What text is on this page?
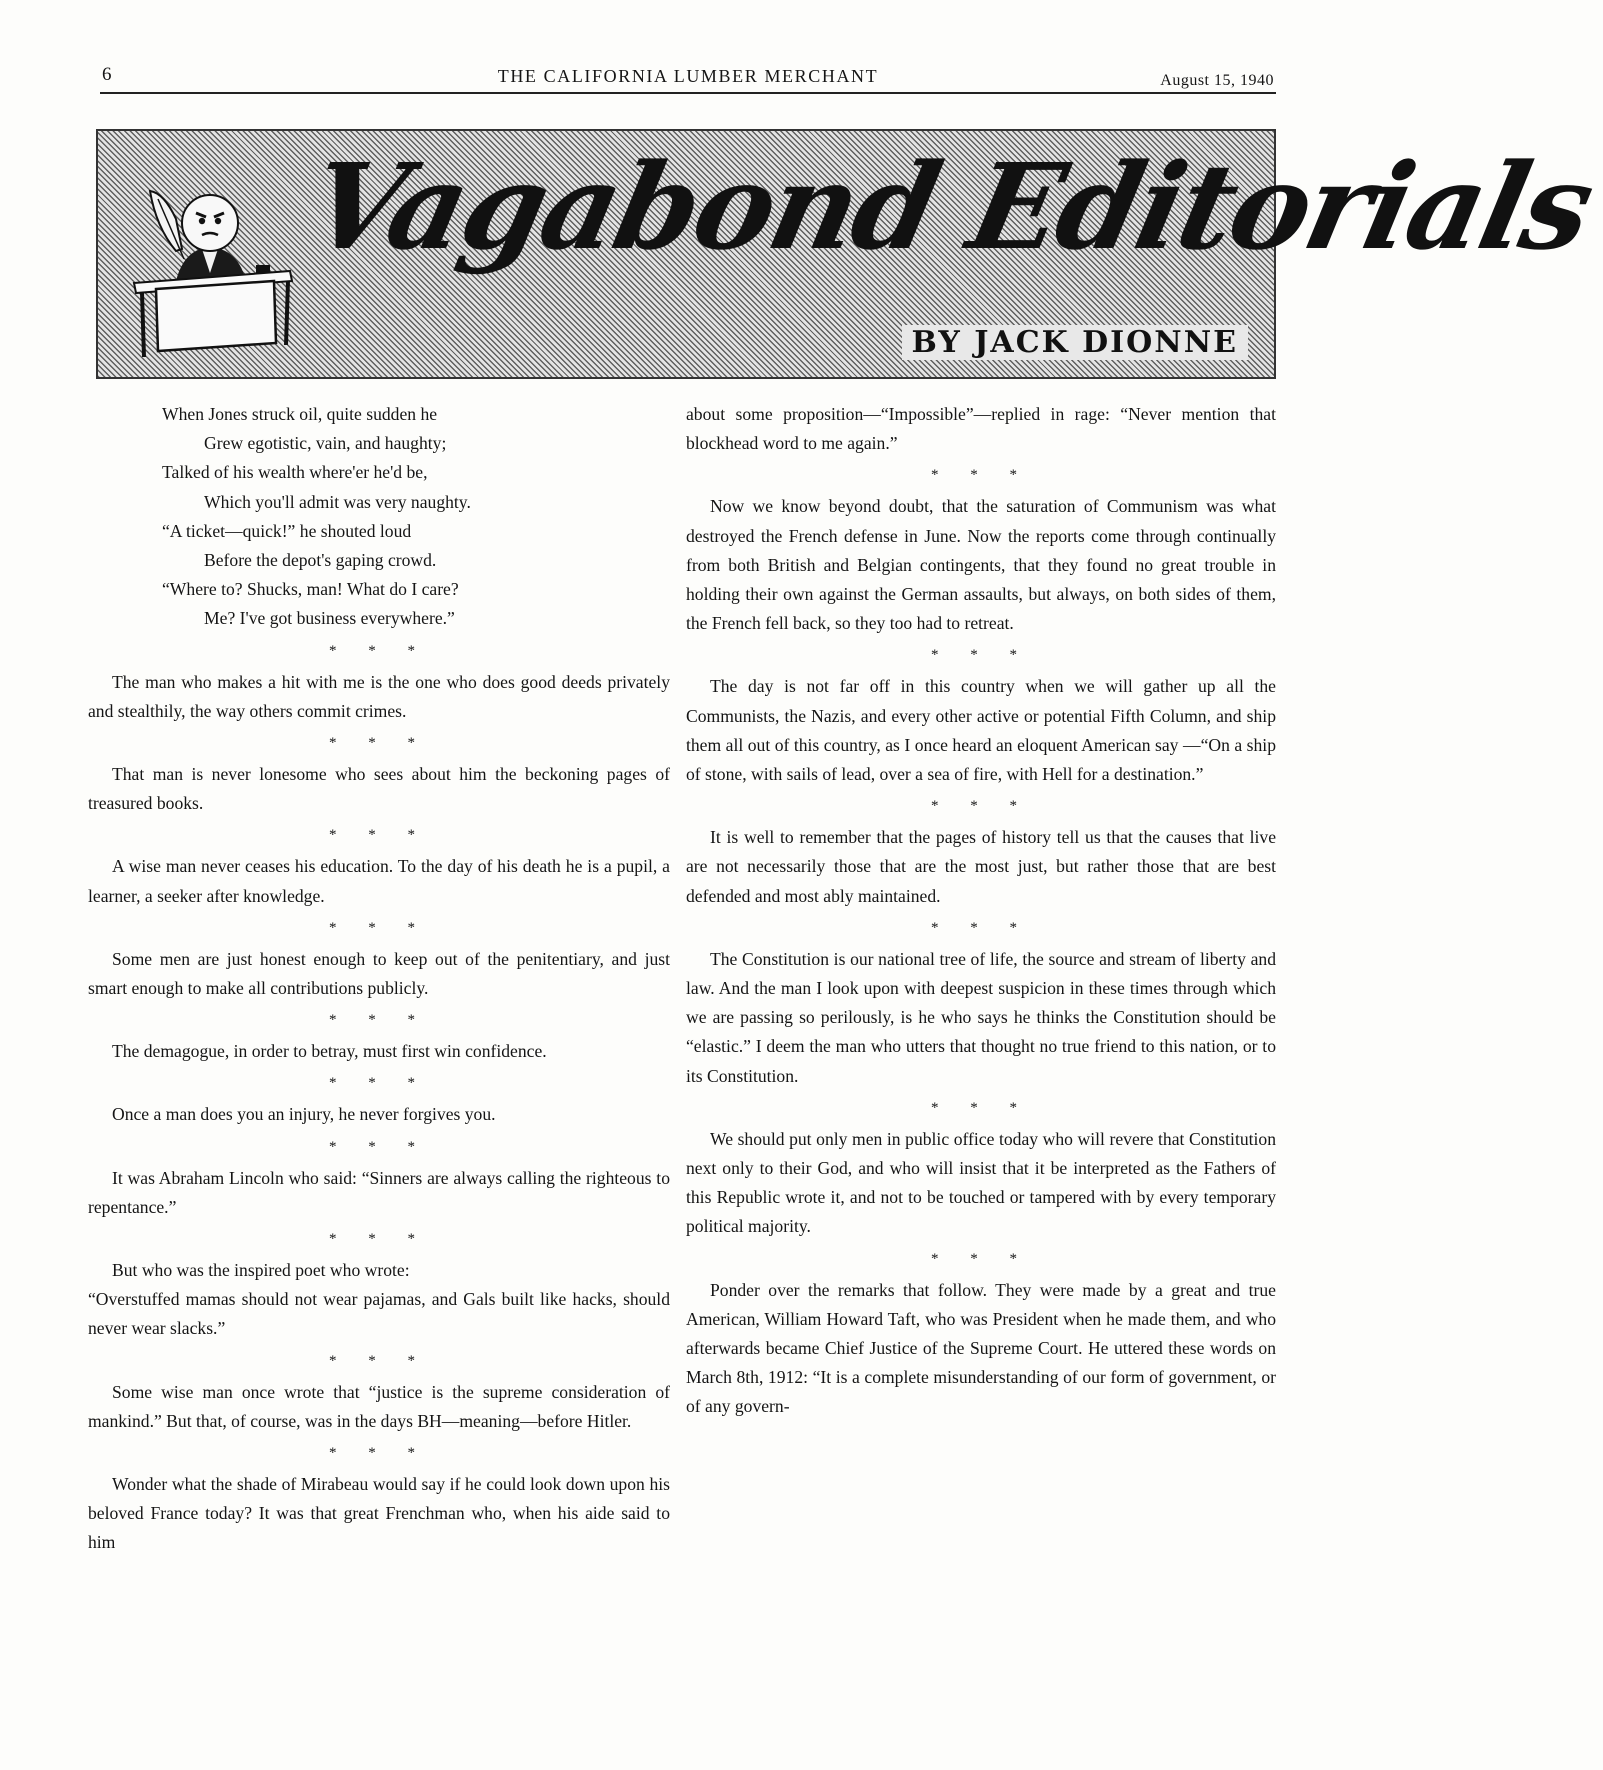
6	THE CALIFORNIA LUMBER MERCHANT	August 15, 1940
Vagabond Editorials
BY JACK DIONNE
When Jones struck oil, quite sudden he
Grew egotistic, vain, and haughty;
Talked of his wealth where'er he'd be,
Which you'll admit was very naughty.
“A ticket—quick!” he shouted loud
Before the depot's gaping crowd.
“Where to? Shucks, man! What do I care?
Me? I've got business everywhere.”
* * *

The man who makes a hit with me is the one who does good deeds privately and stealthily, the way others commit crimes.

* * *

That man is never lonesome who sees about him the beckoning pages of treasured books.

* * *

A wise man never ceases his education. To the day of his death he is a pupil, a learner, a seeker after knowledge.

* * *

Some men are just honest enough to keep out of the penitentiary, and just smart enough to make all contributions publicly.

* * *

The demagogue, in order to betray, must first win confidence.

* * *

Once a man does you an injury, he never forgives you.

* * *

It was Abraham Lincoln who said: “Sinners are always calling the righteous to repentance.”

* * *

But who was the inspired poet who wrote:

“Overstuffed mamas should not wear pajamas, and Gals built like hacks, should never wear slacks.”

* * *

Some wise man once wrote that “justice is the supreme consideration of mankind.” But that, of course, was in the days BH—meaning—before Hitler.

* * *

Wonder what the shade of Mirabeau would say if he could look down upon his beloved France today? It was that great Frenchman who, when his aide said to him

about some proposition—“Impossible”—replied in rage: “Never mention that blockhead word to me again.”

* * *

Now we know beyond doubt, that the saturation of Communism was what destroyed the French defense in June. Now the reports come through continually from both British and Belgian contingents, that they found no great trouble in holding their own against the German assaults, but always, on both sides of them, the French fell back, so they too had to retreat.

* * *

The day is not far off in this country when we will gather up all the Communists, the Nazis, and every other active or potential Fifth Column, and ship them all out of this country, as I once heard an eloquent American say —“On a ship of stone, with sails of lead, over a sea of fire, with Hell for a destination.”

* * *

It is well to remember that the pages of history tell us that the causes that live are not necessarily those that are the most just, but rather those that are best defended and most ably maintained.

* * *

The Constitution is our national tree of life, the source and stream of liberty and law. And the man I look upon with deepest suspicion in these times through which we are passing so perilously, is he who says he thinks the Constitution should be “elastic.” I deem the man who utters that thought no true friend to this nation, or to its Constitution.

* * *

We should put only men in public office today who will revere that Constitution next only to their God, and who will insist that it be interpreted as the Fathers of this Republic wrote it, and not to be touched or tampered with by every temporary political majority.

* * *

Ponder over the remarks that follow. They were made by a great and true American, William Howard Taft, who was President when he made them, and who afterwards became Chief Justice of the Supreme Court. He uttered these words on March 8th, 1912: “It is a complete misunderstanding of our form of government, or of any govern-
